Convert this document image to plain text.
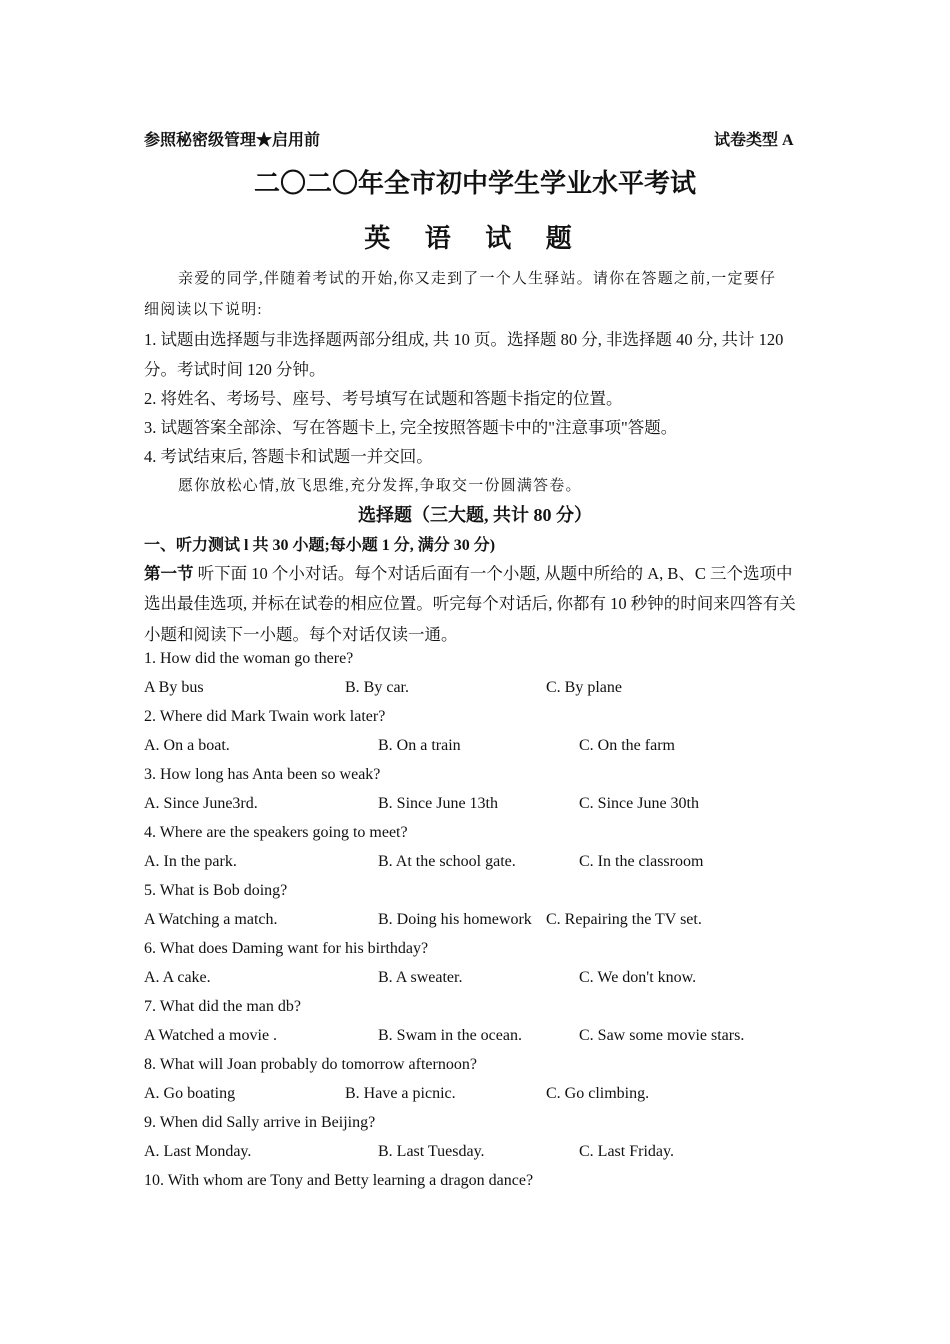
参照秘密级管理★启用前	试卷类型 A
二〇二〇年全市初中学生学业水平考试
英 语 试 题
亲爱的同学,伴随着考试的开始,你又走到了一个人生驿站。请你在答题之前,一定要仔
细阅读以下说明:
1. 试题由选择题与非选择题两部分组成, 共 10 页。选择题 80 分, 非选择题 40 分, 共计 120
分。考试时间 120 分钟。
2. 将姓名、考场号、座号、考号填写在试题和答题卡指定的位置。
3. 试题答案全部涂、写在答题卡上, 完全按照答题卡中的"注意事项"答题。
4. 考试结束后, 答题卡和试题一并交回。
愿你放松心情,放飞思维,充分发挥,争取交一份圆满答卷。
选择题（三大题, 共计 80 分）
一、听力测试 l 共 30 小题;每小题 1 分, 满分 30 分)
第一节 听下面 10 个小对话。每个对话后面有一个小题, 从题中所给的 A, B、C 三个选项中
选出最佳选项, 并标在试卷的相应位置。听完每个对话后, 你都有 10 秒钟的时间来四答有关
小题和阅读下一小题。每个对话仅读一通。
1. How did the woman go there?
A By bus	B. By car.	C. By plane
2. Where did Mark Twain work later?
A. On a boat.	B. On a train	C. On the farm
3. How long has Anta been so weak?
A. Since June3rd.	B. Since June 13th	C. Since June 30th
4. Where are the speakers going to meet?
A. In the park.	B. At the school gate.	C. In the classroom
5. What is Bob doing?
A Watching a match.	B. Doing his homework C. Repairing the TV set.
6. What does Daming want for his birthday?
A. A cake.	B. A sweater.	C. We don't know.
7. What did the man db?
A Watched a movie .	B. Swam in the ocean.	C. Saw some movie stars.
8. What will Joan probably do tomorrow afternoon?
A. Go boating	B. Have a picnic.	C. Go climbing.
9. When did Sally arrive in Beijing?
A. Last Monday.	B. Last Tuesday.	C. Last Friday.
10. With whom are Tony and Betty learning a dragon dance?
